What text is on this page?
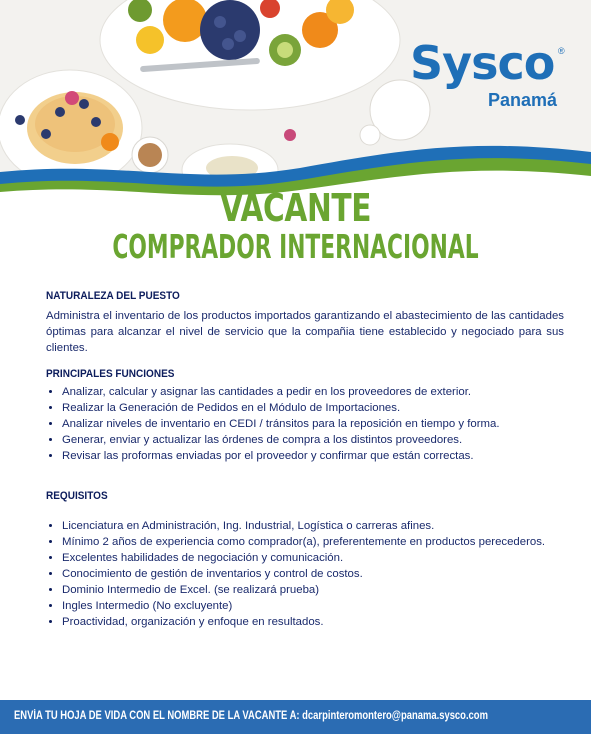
Sysco ®
Panamá
VACANTE
COMPRADOR INTERNACIONAL
NATURALEZA DEL PUESTO

Administra el inventario de los productos importados garantizando el abastecimiento de las cantidades óptimas para alcanzar el nivel de servicio que la compañia tiene establecido y negociado para sus clientes.

PRINCIPALES FUNCIONES
• Analizar, calcular y asignar las cantidades a pedir en los proveedores de exterior.
• Realizar la Generación de Pedidos en el Módulo de Importaciones.
• Analizar niveles de inventario en CEDI / tránsitos para la reposición en tiempo y forma.
• Generar, enviar y actualizar las órdenes de compra a los distintos proveedores.
• Revisar las proformas enviadas por el proveedor y confirmar que están correctas.
REQUISITOS
• Licenciatura en Administración, Ing. Industrial, Logística o carreras afines.
• Mínimo 2 años de experiencia como comprador(a), preferentemente en productos perecederos.
• Excelentes habilidades de negociación y comunicación.
• Conocimiento de gestión de inventarios y control de costos.
• Dominio Intermedio de Excel. (se realizará prueba)
• Ingles Intermedio (No excluyente)
• Proactividad, organización y enfoque en resultados.
ENVÍA TU HOJA DE VIDA CON EL NOMBRE DE LA VACANTE A: dcarpinteromontero@panama.sysco.com
